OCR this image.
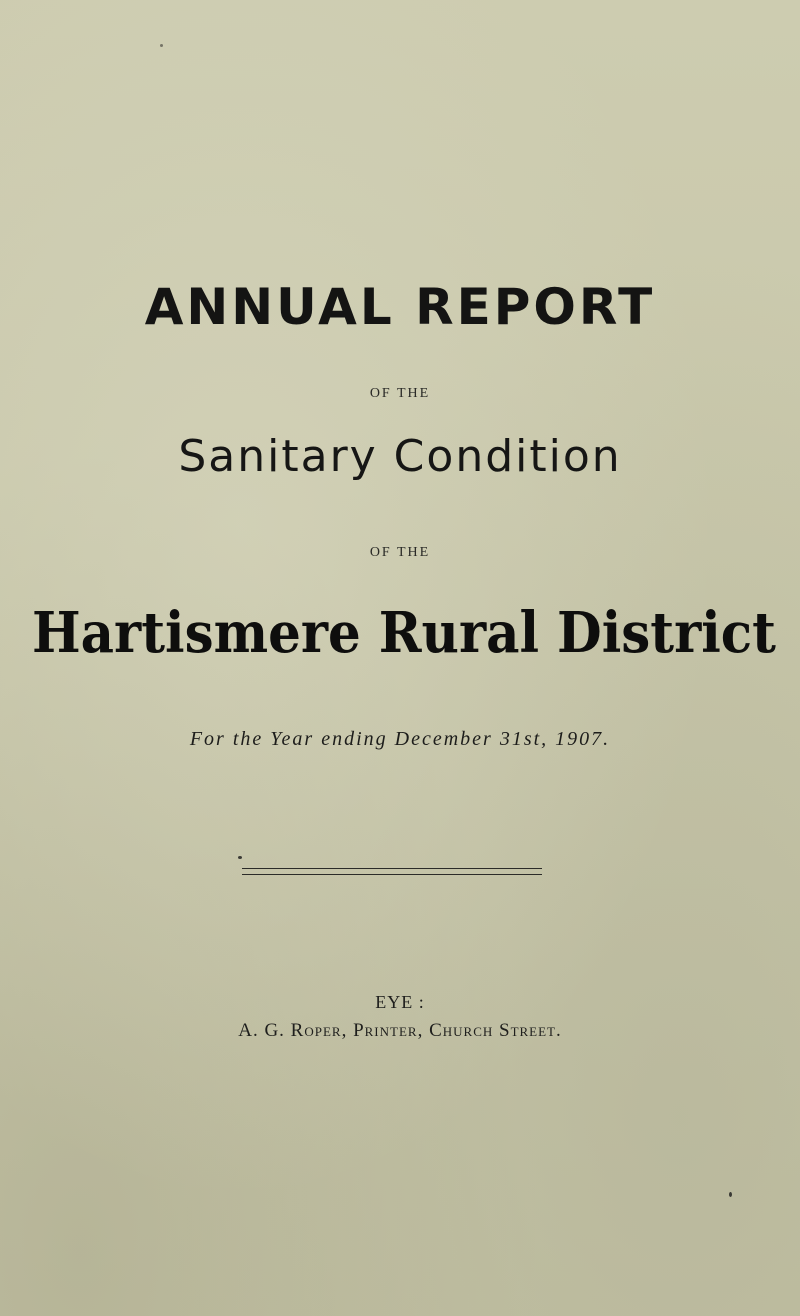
ANNUAL REPORT
OF THE
Sanitary Condition
OF THE
Hartismere Rural District
For the Year ending December 31st, 1907.
EYE :
A. G. Roper, Printer, Church Street.
